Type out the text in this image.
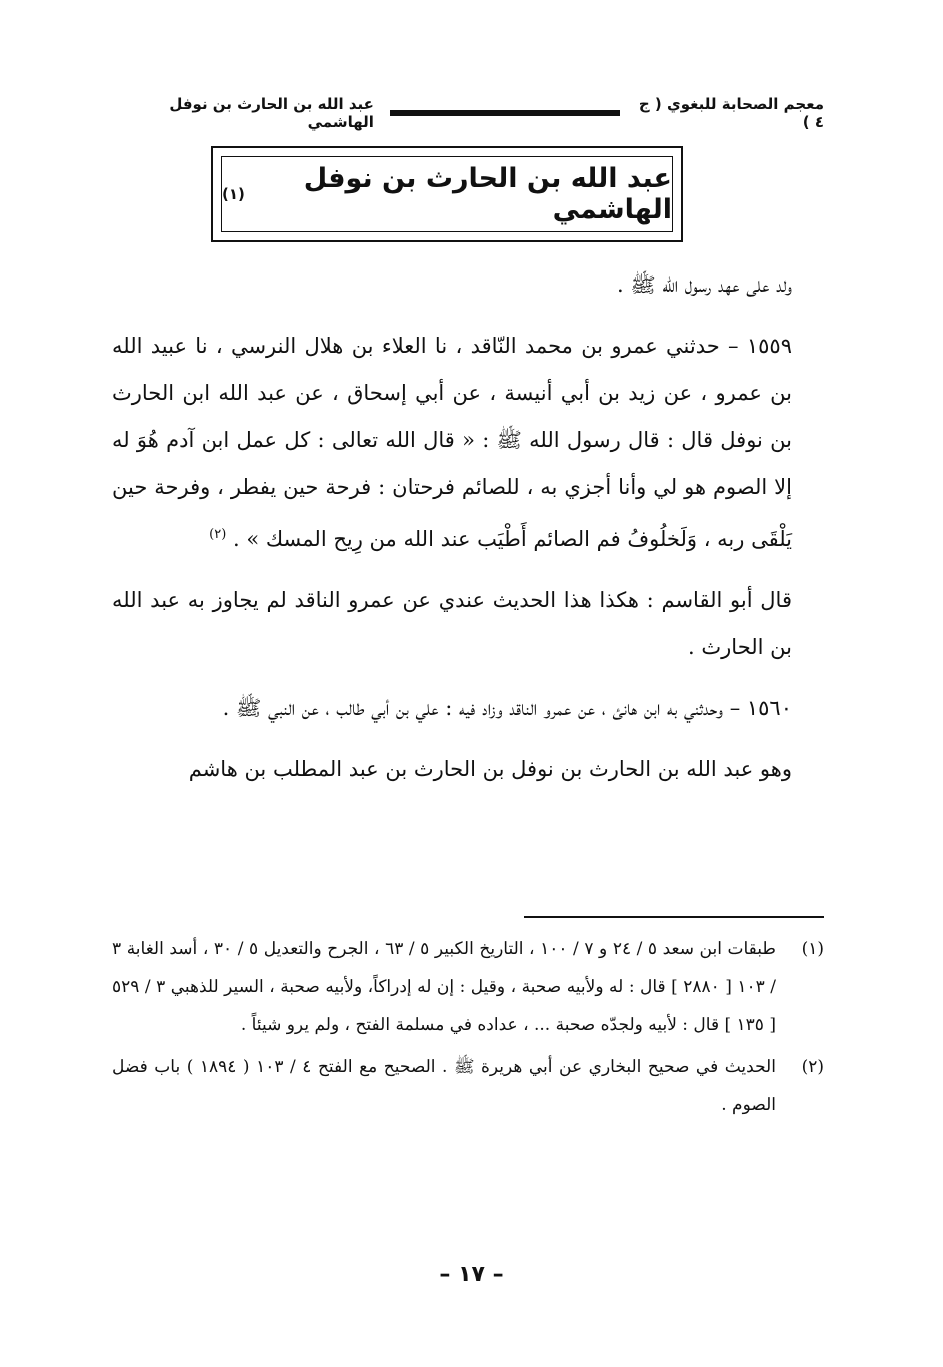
معجم الصحابة للبغوي ( ج ٤ )
عبد الله بن الحارث بن نوفل الهاشمي
عبد الله بن الحارث بن نوفل الهاشمي
(١)

ولد على عهد رسول الله ﷺ .

١٥٥٩ – حدثني عمرو بن محمد النّاقد ، نا العلاء بن هلال النرسي ، نا عبيد الله بن عمرو ، عن زيد بن أبي أنيسة ، عن أبي إسحاق ، عن عبد الله ابن الحارث بن نوفل قال : قال رسول الله ﷺ : « قال الله تعالى : كل عمل ابن آدم هُوَ له إلا الصوم هو لي وأنا أجزي به ، للصائم فرحتان : فرحة حين يفطر ، وفرحة حين يَلْقَى ربه ، وَلَخلُوفُ فم الصائم أَطْيَب عند الله من رِيح المسك » . $^{(٢)}$

قال أبو القاسم : هكذا هذا الحديث عندي عن عمرو الناقد لم يجاوز به عبد الله بن الحارث .

١٥٦٠ – وحدثني به ابن هانئ ، عن عمرو الناقد وزاد فيه : علي بن أبي طالب ، عن النبي ﷺ .

وهو عبد الله بن الحارث بن نوفل بن الحارث بن عبد المطلب بن هاشم

(١)
طبقات ابن سعد ٥ / ٢٤ و ٧ / ١٠٠ ، التاريخ الكبير ٥ / ٦٣ ، الجرح والتعديل ٥ / ٣٠ ، أسد الغابة ٣ / ١٠٣ [ ٢٨٨٠ ] قال : له ولأبيه صحبة ، وقيل : إن له إدراكاً، ولأبيه صحبة ، السير للذهبي ٣ / ٥٢٩ [ ١٣٥ ] قال : لأبيه ولجدّه صحبة ... ، عداده في مسلمة الفتح ، ولم يرو شيئاً .
(٢)
الحديث في صحيح البخاري عن أبي هريرة ﷺ . الصحيح مع الفتح ٤ / ١٠٣ ( ١٨٩٤ ) باب فضل الصوم .
– ١٧ –
